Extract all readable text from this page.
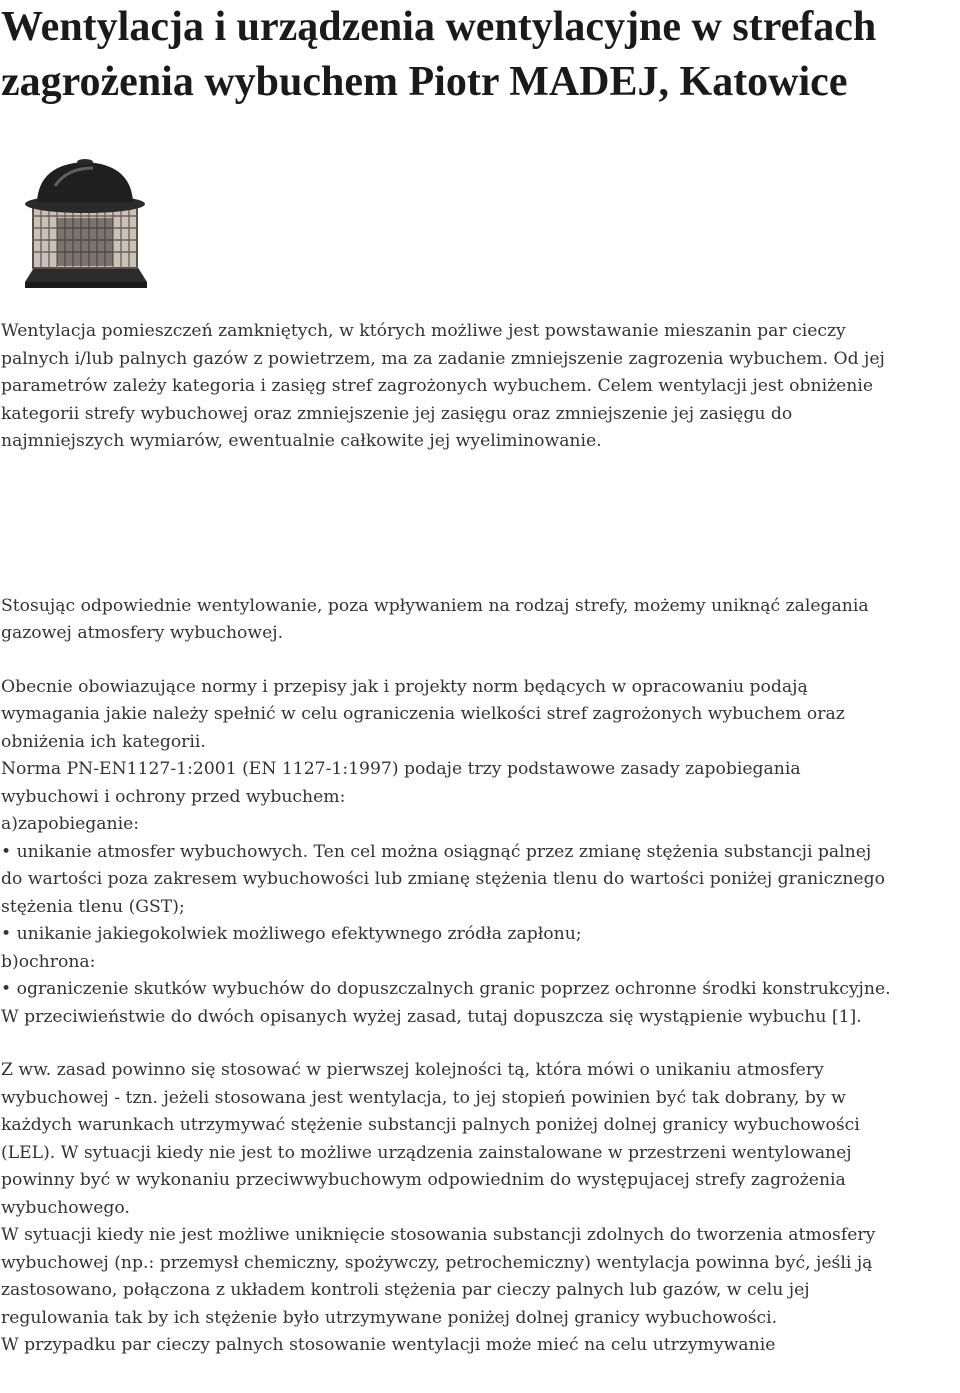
Wentylacja i urządzenia wentylacyjne w strefach zagrożenia wybuchem Piotr MADEJ, Katowice

Wentylacja pomieszczeń zamkniętych, w których możliwe jest powstawanie mieszanin par cieczy
palnych i/lub palnych gazów z powietrzem, ma za zadanie zmniejszenie zagrozenia wybuchem. Od jej
parametrów zależy kategoria i zasięg stref zagrożonych wybuchem. Celem wentylacji jest obniżenie
kategorii strefy wybuchowej oraz zmniejszenie jej zasięgu oraz zmniejszenie jej zasięgu do
najmniejszych wymiarów, ewentualnie całkowite jej wyeliminowanie.

Stosując odpowiednie wentylowanie, poza wpływaniem na rodzaj strefy, możemy uniknąć zalegania
gazowej atmosfery wybuchowej.

Obecnie obowiazujące normy i przepisy jak i projekty norm będących w opracowaniu podają
wymagania jakie należy spełnić w celu ograniczenia wielkości stref zagrożonych wybuchem oraz
obniżenia ich kategorii.
Norma PN-EN1127-1:2001 (EN 1127-1:1997) podaje trzy podstawowe zasady zapobiegania
wybuchowi i ochrony przed wybuchem:
a)zapobieganie:
• unikanie atmosfer wybuchowych. Ten cel można osiągnąć przez zmianę stężenia substancji palnej
do wartości poza zakresem wybuchowości lub zmianę stężenia tlenu do wartości poniżej granicznego
stężenia tlenu (GST);
• unikanie jakiegokolwiek możliwego efektywnego zródła zapłonu;
b)ochrona:
• ograniczenie skutków wybuchów do dopuszczalnych granic poprzez ochronne środki konstrukcyjne.
W przeciwieństwie do dwóch opisanych wyżej zasad, tutaj dopuszcza się wystąpienie wybuchu [1].

Z ww. zasad powinno się stosować w pierwszej kolejności tą, która mówi o unikaniu atmosfery
wybuchowej - tzn. jeżeli stosowana jest wentylacja, to jej stopień powinien być tak dobrany, by w
każdych warunkach utrzymywać stężenie substancji palnych poniżej dolnej granicy wybuchowości
(LEL). W sytuacji kiedy nie jest to możliwe urządzenia zainstalowane w przestrzeni wentylowanej
powinny być w wykonaniu przeciwwybuchowym odpowiednim do występujacej strefy zagrożenia
wybuchowego.
W sytuacji kiedy nie jest możliwe uniknięcie stosowania substancji zdolnych do tworzenia atmosfery
wybuchowej (np.: przemysł chemiczny, spożywczy, petrochemiczny) wentylacja powinna być, jeśli ją
zastosowano, połączona z układem kontroli stężenia par cieczy palnych lub gazów, w celu jej
regulowania tak by ich stężenie było utrzymywane poniżej dolnej granicy wybuchowości.
W przypadku par cieczy palnych stosowanie wentylacji może mieć na celu utrzymywanie
